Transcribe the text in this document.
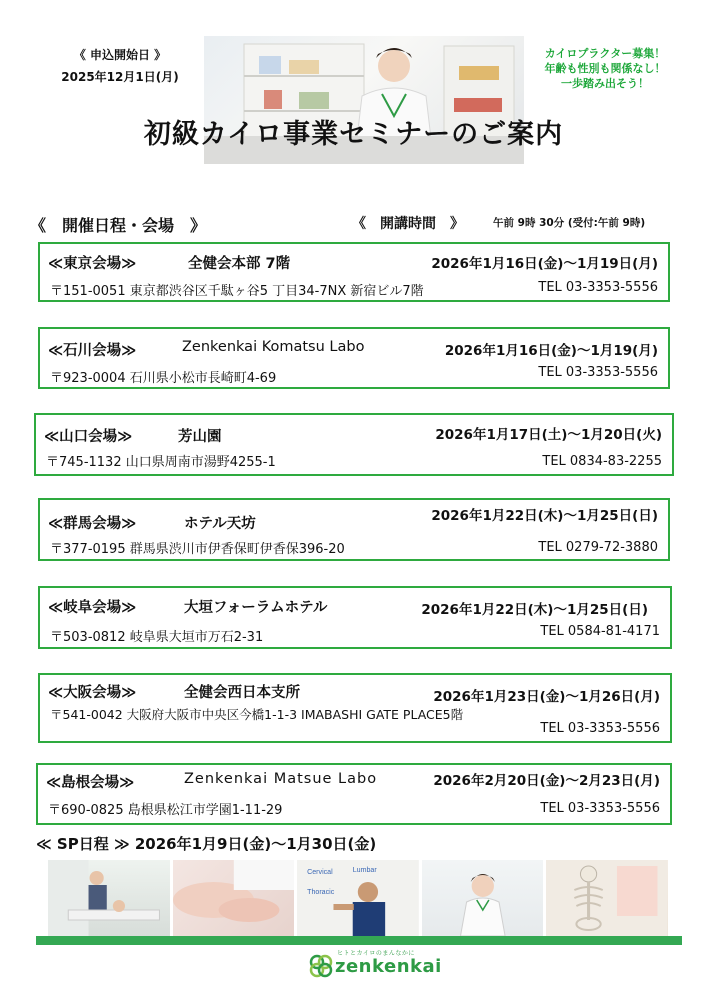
《 申込開始日 》
2025年12月1日(月)
カイロプラクター募集！
年齢も性別も関係なし！
一歩踏み出そう！
初級カイロ事業セミナーのご案内
《　開催日程・会場　》	《　開講時間　》	午前 9時 30分 (受付:午前 9時)
≪東京会場≫	全健会本部 7階	2026年1月16日(金)～1月19日(月)
〒151-0051 東京都渋谷区千駄ヶ谷5 丁目34-7NX 新宿ビル7階	TEL 03-3353-5556
≪石川会場≫	Zenkenkai Komatsu Labo	2026年1月16日(金)～1月19(月)
〒923-0004 石川県小松市長崎町4-69	TEL 03-3353-5556
≪山口会場≫	芳山園	2026年1月17日(土)～1月20日(火)
〒745-1132 山口県周南市湯野4255-1	TEL 0834-83-2255
≪群馬会場≫	ホテル天坊	2026年1月22日(木)～1月25日(日)
〒377-0195 群馬県渋川市伊香保町伊香保396-20	TEL 0279-72-3880
≪岐阜会場≫	大垣フォーラムホテル	2026年1月22日(木)～1月25日(日)
〒503-0812 岐阜県大垣市万石2-31	TEL 0584-81-4171
≪大阪会場≫	全健会西日本支所	2026年1月23日(金)～1月26日(月)
〒541-0042 大阪府大阪市中央区今橋1-1-3 IMABASHI GATE PLACE5階
TEL 03-3353-5556
≪島根会場≫	Zenkenkai Matsue Labo	2026年2月20日(金)～2月23日(月)
〒690-0825 島根県松江市学園1-11-29	TEL 03-3353-5556
≪ SP日程 ≫ 2026年1月9日(金)～1月30日(金)
Cervical	Lumbar
Thoracic
ヒトとカイロのまんなかに
zenkenkai
